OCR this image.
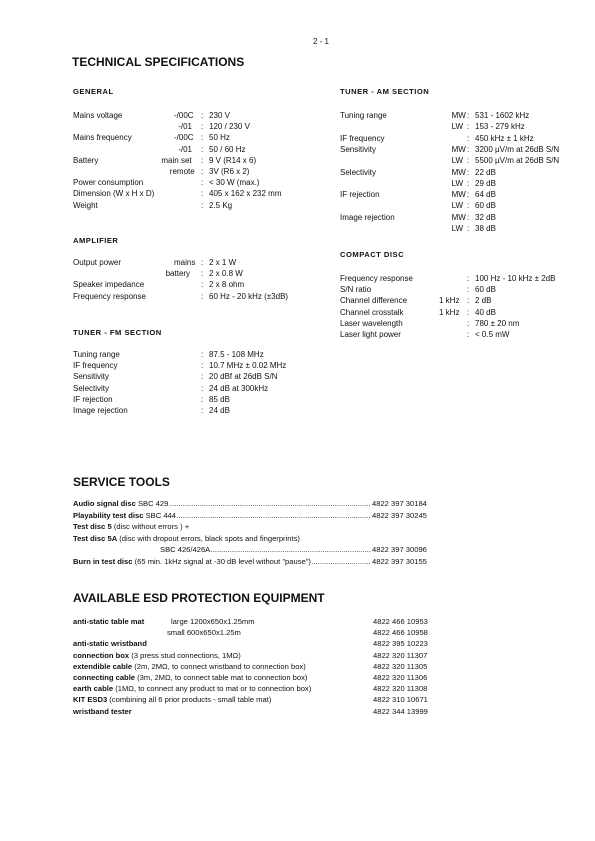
2 - 1
TECHNICAL SPECIFICATIONS
GENERAL
Mains voltage	-/00C : 230 V
-/01 : 120 / 230 V
Mains frequency	-/00C : 50 Hz
-/01 : 50 / 60 Hz
Battery	main set : 9 V (R14 x 6)
remote : 3V (R6 x 2)
Power consumption	: < 30 W (max.)
Dimension (W x H x D)	: 405 x 162 x 232 mm
Weight	: 2.5 Kg
AMPLIFIER
Output power	mains : 2 x 1 W
battery : 2 x 0.8 W
Speaker impedance	: 2 x 8 ohm
Frequency response	: 60 Hz - 20 kHz (±3dB)
TUNER - FM SECTION
Tuning range	: 87.5 - 108 MHz
IF frequency	: 10.7 MHz ± 0.02 MHz
Sensitivity	: 20 dBf at 26dB S/N
Selectivity	: 24 dB at 300kHz
IF rejection	: 85 dB
Image rejection	: 24 dB
TUNER - AM SECTION
Tuning range	MW : 531 - 1602 kHz
LW : 153 - 279 kHz
IF frequency	: 450 kHz ± 1 kHz
Sensitivity	MW : 3200 µV/m at 26dB S/N
LW : 5500 µV/m at 26dB S/N
Selectivity	MW : 22 dB
LW : 29 dB
IF rejection	MW : 64 dB
LW : 60 dB
Image rejection	MW : 32 dB
LW : 38 dB
COMPACT DISC
Frequency response	: 100 Hz - 10 kHz ± 2dB
S/N ratio	: 60 dB
Channel difference	1 kHz : 2 dB
Channel crosstalk	1 kHz : 40 dB
Laser wavelength	: 780 ± 20 nm
Laser light power	: < 0.5 mW
SERVICE TOOLS
Audio signal disc SBC 429 .....	4822 397 30184
Playability test disc SBC 444 .....	4822 397 30245
Test disc 5 (disc without errors ) +
Test disc 5A (disc with dropout errors, black spots and fingerprints)
SBC 426/426A .....	4822 397 30096
Burn in test disc (65 min. 1kHz signal at -30 dB level without "pause") .....	4822 397 30155
AVAILABLE ESD PROTECTION EQUIPMENT
anti-static table mat	large 1200x650x1.25mm	4822 466 10953
small 600x650x1.25m	4822 466 10958
anti-static wristband	4822 395 10223
connection box (3 press stud connections, 1MΩ)	4822 320 11307
extendible cable (2m, 2MΩ, to connect wristband to connection box)	4822 320 11305
connecting cable (3m, 2MΩ, to connect table mat to connection box)	4822 320 11306
earth cable (1MΩ, to connect any product to mat or to connection box)	4822 320 11308
KIT ESD3 (combining all 6 prior products - small table mat)	4822 310 10671
wristband tester	4822 344 13999
